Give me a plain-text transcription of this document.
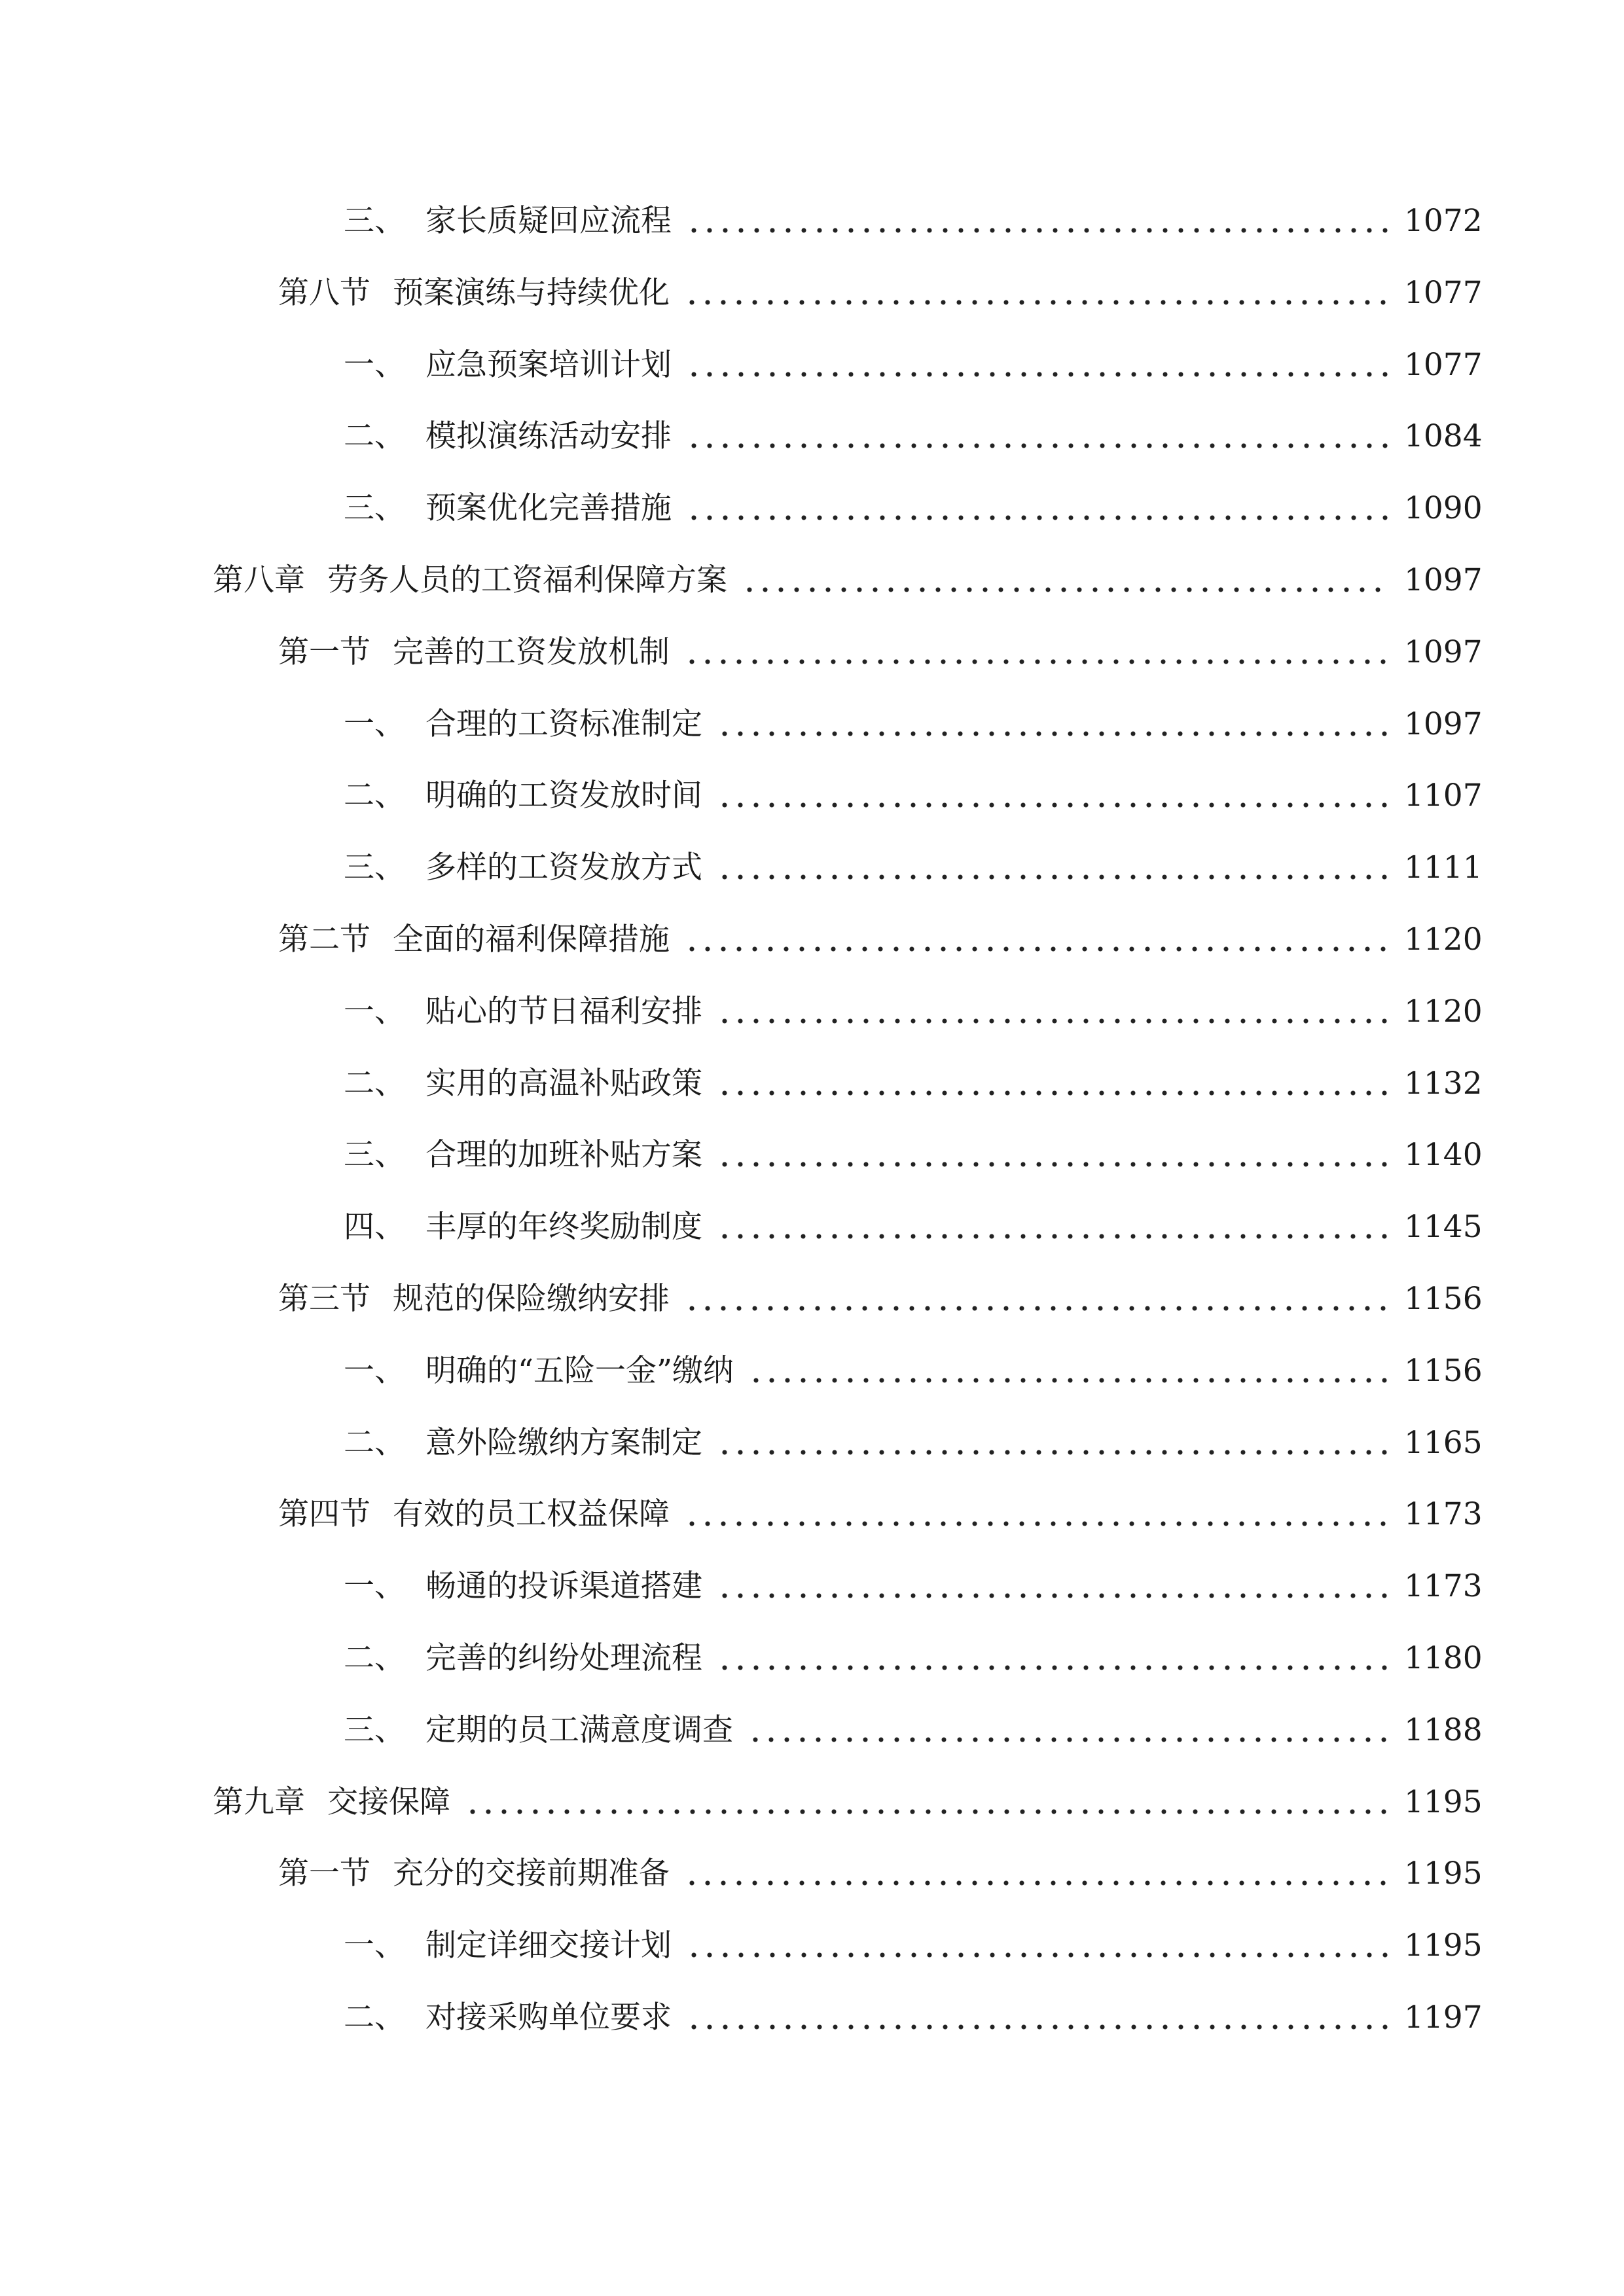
三、 家长质疑回应流程	1072
第八节 预案演练与持续优化	1077
一、 应急预案培训计划	1077
二、 模拟演练活动安排	1084
三、 预案优化完善措施	1090
第八章 劳务人员的工资福利保障方案	1097
第一节 完善的工资发放机制	1097
一、 合理的工资标准制定	1097
二、 明确的工资发放时间	1107
三、 多样的工资发放方式	1111
第二节 全面的福利保障措施	1120
一、 贴心的节日福利安排	1120
二、 实用的高温补贴政策	1132
三、 合理的加班补贴方案	1140
四、 丰厚的年终奖励制度	1145
第三节 规范的保险缴纳安排	1156
一、 明确的“五险一金”缴纳	1156
二、 意外险缴纳方案制定	1165
第四节 有效的员工权益保障	1173
一、 畅通的投诉渠道搭建	1173
二、 完善的纠纷处理流程	1180
三、 定期的员工满意度调查	1188
第九章 交接保障	1195
第一节 充分的交接前期准备	1195
一、 制定详细交接计划	1195
二、 对接采购单位要求	1197
